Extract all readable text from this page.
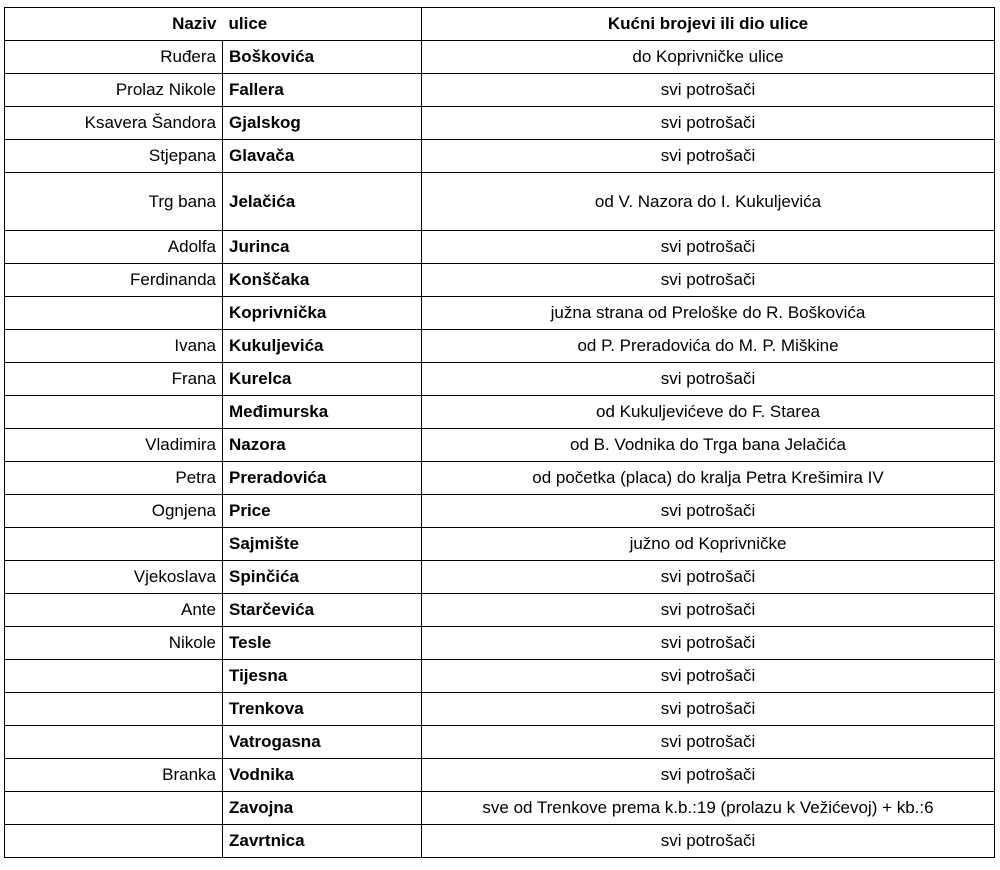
Naziv	ulice	Kućni brojevi ili dio ulice
Ruđera	Boškovića	do Koprivničke ulice
Prolaz Nikole	Fallera	svi potrošači
Ksavera Šandora	Gjalskog	svi potrošači
Stjepana	Glavača	svi potrošači
Trg bana	Jelačića	od V. Nazora do I. Kukuljevića
Adolfa	Jurinca	svi potrošači
Ferdinanda	Konščaka	svi potrošači
	Koprivnička	južna strana od Preloške do R. Boškovića
Ivana	Kukuljevića	od P. Preradovića do M. P. Miškine
Frana	Kurelca	svi potrošači
	Međimurska	od Kukuljevićeve do F. Starea
Vladimira	Nazora	od B. Vodnika do Trga bana Jelačića
Petra	Preradovića	od početka (placa) do kralja Petra Krešimira IV
Ognjena	Price	svi potrošači
	Sajmište	južno od Koprivničke
Vjekoslava	Spinčića	svi potrošači
Ante	Starčevića	svi potrošači
Nikole	Tesle	svi potrošači
	Tijesna	svi potrošači
	Trenkova	svi potrošači
	Vatrogasna	svi potrošači
Branka	Vodnika	svi potrošači
	Zavojna	sve od Trenkove prema k.b.:19 (prolazu k Vežićevoj) + kb.:6
	Zavrtnica	svi potrošači
